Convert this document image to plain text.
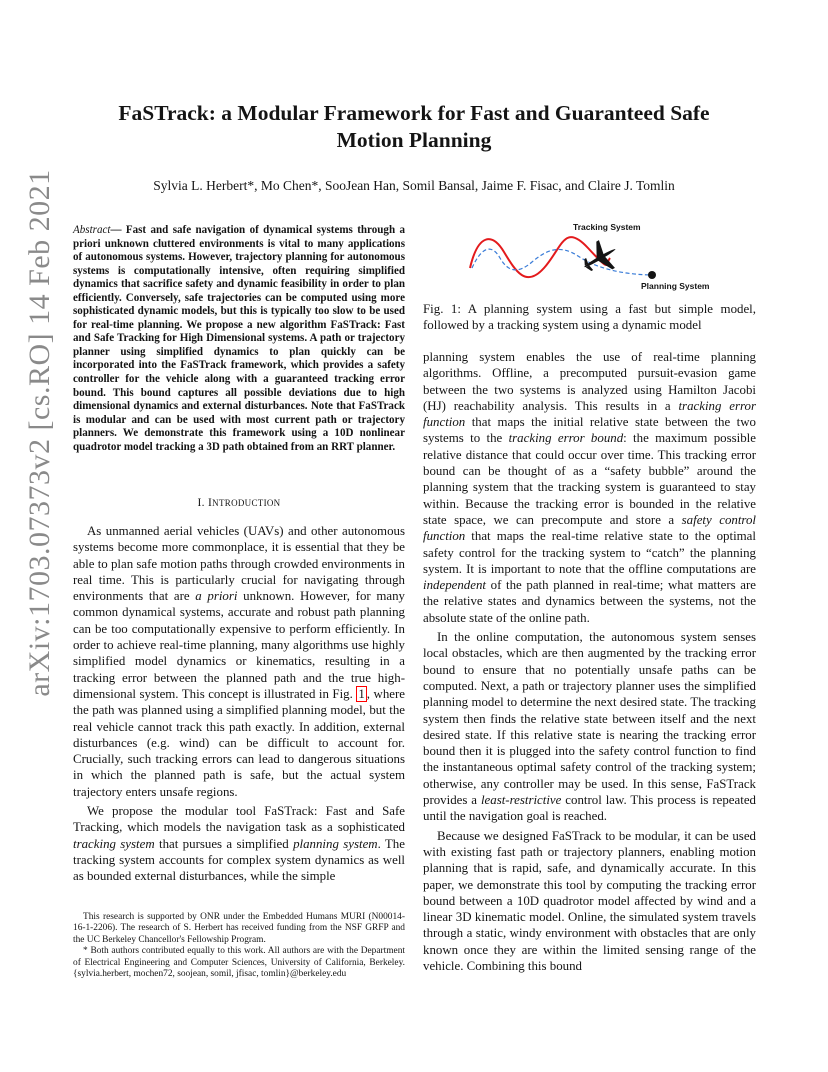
arXiv:1703.07373v2 [cs.RO] 14 Feb 2021
FaSTrack: a Modular Framework for Fast and Guaranteed Safe
Motion Planning
Sylvia L. Herbert*, Mo Chen*, SooJean Han, Somil Bansal, Jaime F. Fisac, and Claire J. Tomlin

Abstract— Fast and safe navigation of dynamical systems through a priori unknown cluttered environments is vital to many applications of autonomous systems. However, trajectory planning for autonomous systems is computationally intensive, often requiring simplified dynamics that sacrifice safety and dynamic feasibility in order to plan efficiently. Conversely, safe trajectories can be computed using more sophisticated dynamic models, but this is typically too slow to be used for real-time planning. We propose a new algorithm FaSTrack: Fast and Safe Tracking for High Dimensional systems. A path or trajectory planner using simplified dynamics to plan quickly can be incorporated into the FaSTrack framework, which provides a safety controller for the vehicle along with a guaranteed tracking error bound. This bound captures all possible deviations due to high dimensional dynamics and external disturbances. Note that FaSTrack is modular and can be used with most current path or trajectory planners. We demonstrate this framework using a 10D nonlinear quadrotor model tracking a 3D path obtained from an RRT planner.

I. INTRODUCTION

As unmanned aerial vehicles (UAVs) and other autonomous systems become more commonplace, it is essential that they be able to plan safe motion paths through crowded environments in real time. This is particularly crucial for navigating through environments that are a priori unknown. However, for many common dynamical systems, accurate and robust path planning can be too computationally expensive to perform efficiently. In order to achieve real-time planning, many algorithms use highly simplified model dynamics or kinematics, resulting in a tracking error between the planned path and the true high-dimensional system. This concept is illustrated in Fig. 1 , where the path was planned using a simplified planning model, but the real vehicle cannot track this path exactly. In addition, external disturbances (e.g. wind) can be difficult to account for. Crucially, such tracking errors can lead to dangerous situations in which the planned path is safe, but the actual system trajectory enters unsafe regions.

We propose the modular tool FaSTrack: Fast and Safe Tracking, which models the navigation task as a sophisticated tracking system that pursues a simplified planning system. The tracking system accounts for complex system dynamics as well as bounded external disturbances, while the simple

This research is supported by ONR under the Embedded Humans MURI (N00014-16-1-2206). The research of S. Herbert has received funding from the NSF GRFP and the UC Berkeley Chancellor's Fellowship Program.

* Both authors contributed equally to this work. All authors are with the Department of Electrical Engineering and Computer Sciences, University of California, Berkeley. {sylvia.herbert, mochen72, soojean, somil, jfisac, tomlin}@berkeley.edu

Tracking System
Planning System
Fig. 1: A planning system using a fast but simple model, followed by a tracking system using a dynamic model

planning system enables the use of real-time planning algorithms. Offline, a precomputed pursuit-evasion game between the two systems is analyzed using Hamilton Jacobi (HJ) reachability analysis. This results in a tracking error function that maps the initial relative state between the two systems to the tracking error bound: the maximum possible relative distance that could occur over time. This tracking error bound can be thought of as a “safety bubble” around the planning system that the tracking system is guaranteed to stay within. Because the tracking error is bounded in the relative state space, we can precompute and store a safety control function that maps the real-time relative state to the optimal safety control for the tracking system to “catch” the planning system. It is important to note that the offline computations are independent of the path planned in real-time; what matters are the relative states and dynamics between the systems, not the absolute state of the online path.

In the online computation, the autonomous system senses local obstacles, which are then augmented by the tracking error bound to ensure that no potentially unsafe paths can be computed. Next, a path or trajectory planner uses the simplified planning model to determine the next desired state. The tracking system then finds the relative state between itself and the next desired state. If this relative state is nearing the tracking error bound then it is plugged into the safety control function to find the instantaneous optimal safety control of the tracking system; otherwise, any controller may be used. In this sense, FaSTrack provides a least-restrictive control law. This process is repeated until the navigation goal is reached.

Because we designed FaSTrack to be modular, it can be used with existing fast path or trajectory planners, enabling motion planning that is rapid, safe, and dynamically accurate. In this paper, we demonstrate this tool by computing the tracking error bound between a 10D quadrotor model affected by wind and a linear 3D kinematic model. Online, the simulated system travels through a static, windy environment with obstacles that are only known once they are within the limited sensing range of the vehicle. Combining this bound
